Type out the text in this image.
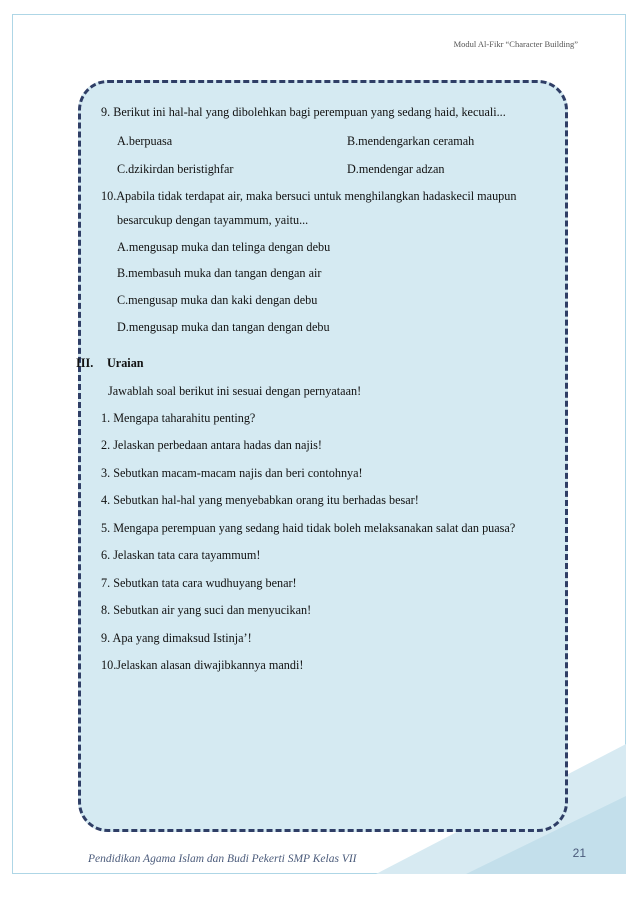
Modul Al-Fikr “Character Building”
9. Berikut ini hal-hal yang dibolehkan bagi perempuan yang sedang haid, kecuali...
A.berpuasa	B.mendengarkan ceramah
C.dzikirdan beristighfar	D.mendengar adzan
10.Apabila tidak terdapat air, maka bersuci untuk menghilangkan hadaskecil maupun
besarcukup dengan tayammum, yaitu...
A.mengusap muka dan telinga dengan debu
B.membasuh muka dan tangan dengan air
C.mengusap muka dan kaki dengan debu
D.mengusap muka dan tangan dengan debu
III. Uraian
Jawablah soal berikut ini sesuai dengan pernyataan!
1. Mengapa taharahitu penting?
2. Jelaskan perbedaan antara hadas dan najis!
3. Sebutkan macam-macam najis dan beri contohnya!
4. Sebutkan hal-hal yang menyebabkan orang itu berhadas besar!
5. Mengapa perempuan yang sedang haid tidak boleh melaksanakan salat dan puasa?
6. Jelaskan tata cara tayammum!
7. Sebutkan tata cara wudhuyang benar!
8. Sebutkan air yang suci dan menyucikan!
9. Apa yang dimaksud Istinja’!
10.Jelaskan alasan diwajibkannya mandi!
Pendidikan Agama Islam dan Budi Pekerti SMP Kelas VII	21
